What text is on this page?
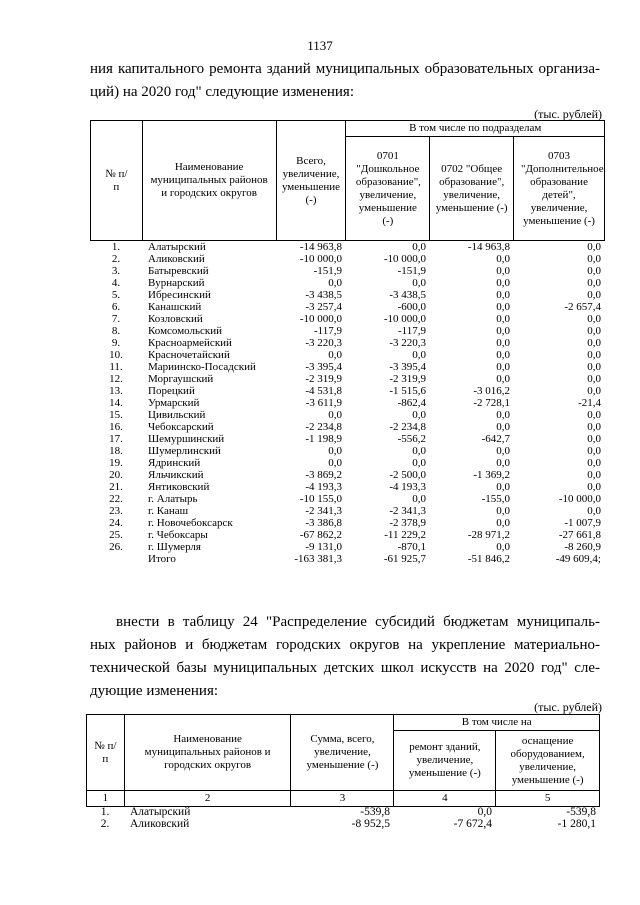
1137
ния капитального ремонта зданий муниципальных образовательных организа-
ций) на 2020 год" следующие изменения:
(тыс. рублей)
№ п/п	Наименование муниципальных районов и городских округов	Всего, увеличение, уменьшение (-)	В том числе по подразделам		

			0701 "Дошкольное образование", увеличение, уменьшение (-)	0702 "Общее образование", увеличение, уменьшение (-)	0703 "Дополнительное образование детей", увеличение, уменьшение (-)
1.	Алатырский	-14 963,8	0,0	-14 963,8	0,0
2.	Аликовский	-10 000,0	-10 000,0	0,0	0,0
3.	Батыревский	-151,9	-151,9	0,0	0,0
4.	Вурнарский	0,0	0,0	0,0	0,0
5.	Ибресинский	-3 438,5	-3 438,5	0,0	0,0
6.	Канашский	-3 257,4	-600,0	0,0	-2 657,4
7.	Козловский	-10 000,0	-10 000,0	0,0	0,0
8.	Комсомольский	-117,9	-117,9	0,0	0,0
9.	Красноармейский	-3 220,3	-3 220,3	0,0	0,0
10.	Красночетайский	0,0	0,0	0,0	0,0
11.	Мариинско-Посадский	-3 395,4	-3 395,4	0,0	0,0
12.	Моргаушский	-2 319,9	-2 319,9	0,0	0,0
13.	Порецкий	-4 531,8	-1 515,6	-3 016,2	0,0
14.	Урмарский	-3 611,9	-862,4	-2 728,1	-21,4
15.	Цивильский	0,0	0,0	0,0	0,0
16.	Чебоксарский	-2 234,8	-2 234,8	0,0	0,0
17.	Шемуршинский	-1 198,9	-556,2	-642,7	0,0
18.	Шумерлинский	0,0	0,0	0,0	0,0
19.	Ядринский	0,0	0,0	0,0	0,0
20.	Яльчикский	-3 869,2	-2 500,0	-1 369,2	0,0
21.	Янтиковский	-4 193,3	-4 193,3	0,0	0,0
22.	г. Алатырь	-10 155,0	0,0	-155,0	-10 000,0
23.	г. Канаш	-2 341,3	-2 341,3	0,0	0,0
24.	г. Новочебоксарск	-3 386,8	-2 378,9	0,0	-1 007,9
25.	г. Чебоксары	-67 862,2	-11 229,2	-28 971,2	-27 661,8
26.	г. Шумерля	-9 131,0	-870,1	0,0	-8 260,9
	Итого	-163 381,3	-61 925,7	-51 846,2	-49 609,4;
внести в таблицу 24 "Распределение субсидий бюджетам муниципаль-
ных районов и бюджетам городских округов на укрепление материально-
технической базы муниципальных детских школ искусств на 2020 год" сле-
дующие изменения:
(тыс. рублей)
№ п/п	Наименование муниципальных районов и городских округов	Сумма, всего, увеличение, уменьшение (-)	В том числе на	

			ремонт зданий, увеличение, уменьшение (-)	оснащение оборудованием, увеличение, уменьшение (-)

1	2	3	4	5
1.	Алатырский	-539,8	0,0	-539,8
2.	Аликовский	-8 952,5	-7 672,4	-1 280,1
